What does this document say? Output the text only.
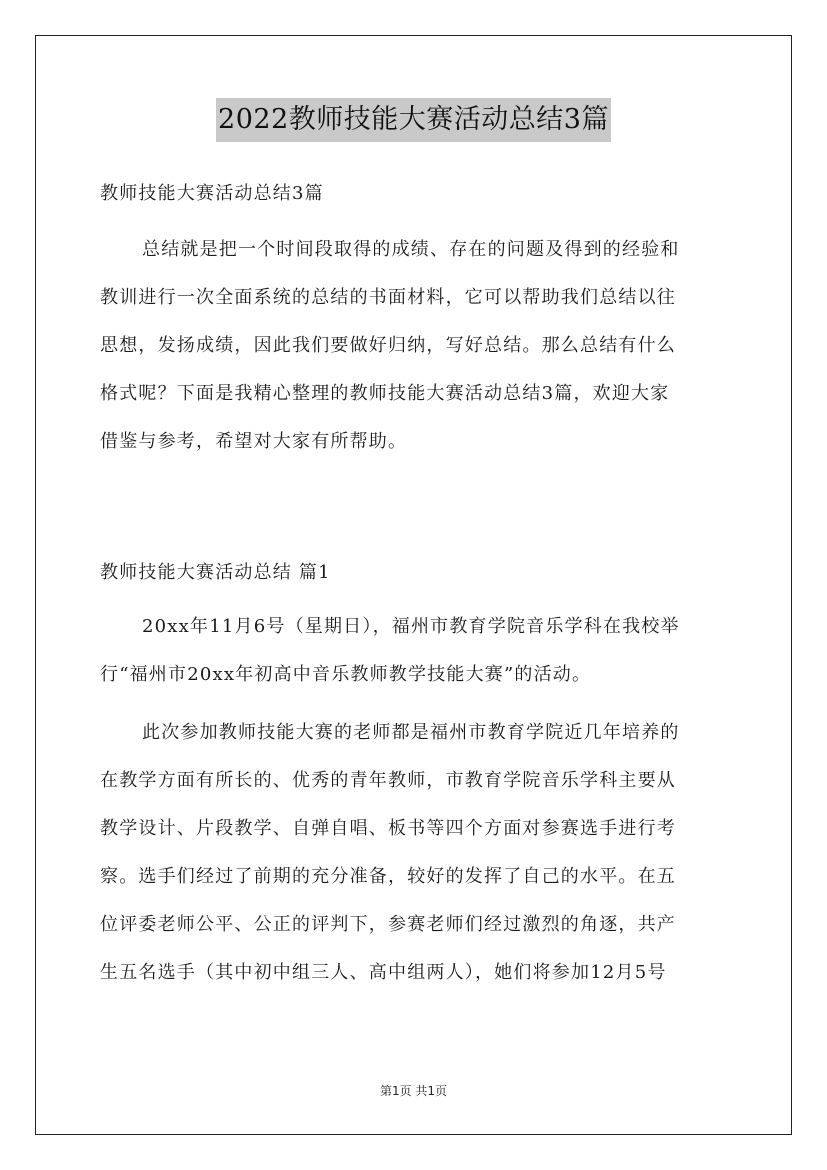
2022教师技能大赛活动总结3篇
教师技能大赛活动总结3篇
总结就是把一个时间段取得的成绩、存在的问题及得到的经验和
教训进行一次全面系统的总结的书面材料，它可以帮助我们总结以往
思想，发扬成绩，因此我们要做好归纳，写好总结。那么总结有什么
格式呢？下面是我精心整理的教师技能大赛活动总结3篇，欢迎大家
借鉴与参考，希望对大家有所帮助。
教师技能大赛活动总结 篇1
20xx年11月6号（星期日），福州市教育学院音乐学科在我校举
行“福州市20xx年初高中音乐教师教学技能大赛”的活动。
此次参加教师技能大赛的老师都是福州市教育学院近几年培养的
在教学方面有所长的、优秀的青年教师，市教育学院音乐学科主要从
教学设计、片段教学、自弹自唱、板书等四个方面对参赛选手进行考
察。选手们经过了前期的充分准备，较好的发挥了自己的水平。在五
位评委老师公平、公正的评判下，参赛老师们经过激烈的角逐，共产
生五名选手（其中初中组三人、高中组两人），她们将参加12月5号
第1页 共1页
